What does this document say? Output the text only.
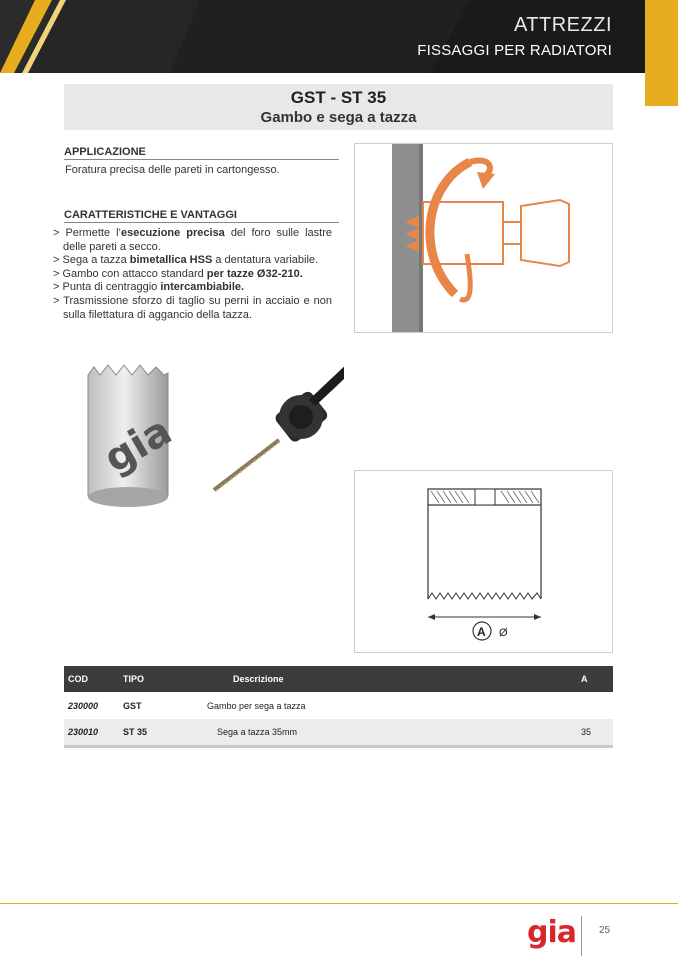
ATTREZZI
FISSAGGI PER RADIATORI
GST - ST 35
Gambo e sega a tazza
APPLICAZIONE
Foratura precisa delle pareti in cartongesso.
CARATTERISTICHE E VANTAGGI
> Permette l’esecuzione precisa del foro sulle lastre delle pareti a secco.
> Sega a tazza bimetallica HSS a dentatura variabile.
> Gambo con attacco standard per tazze Ø32-210.
> Punta di centraggio intercambiabile.
> Trasmissione sforzo di taglio su perni in acciaio e non sulla filettatura di aggancio della tazza.
gia
A Ø
COD	TIPO	Descrizione	A
230000	GST	Gambo per sega a tazza	
230010	ST 35	Sega a tazza 35mm	35
gia 25
